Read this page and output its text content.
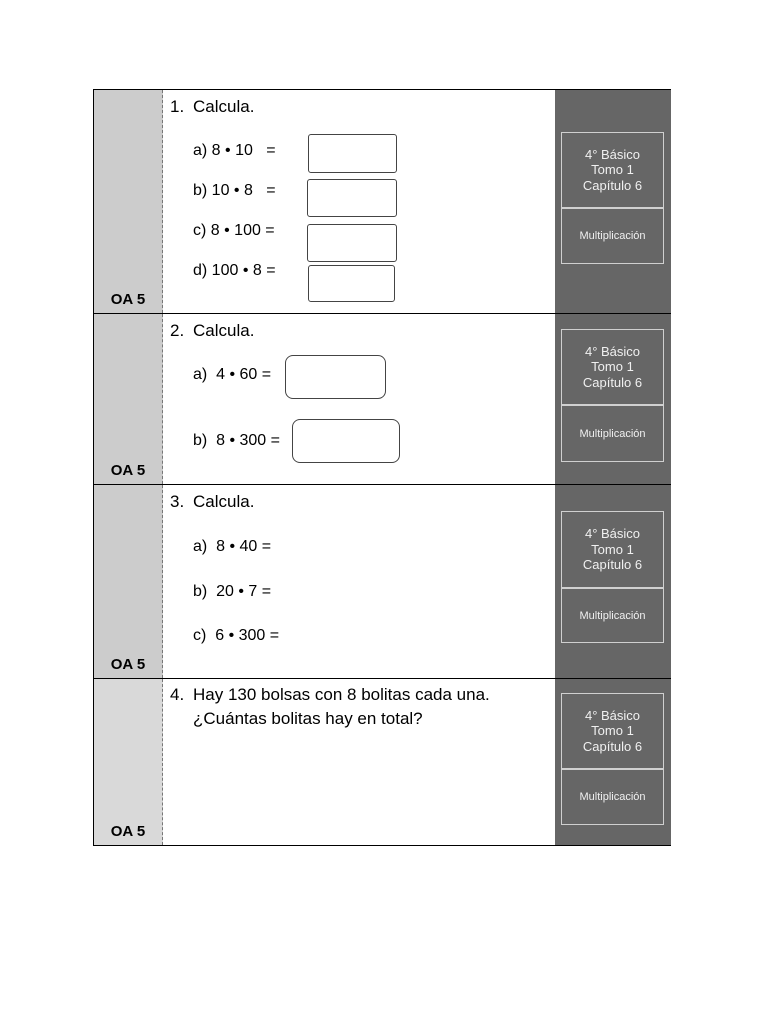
OA 5
1. Calcula.
a) 8 • 10   =
b) 10 • 8   =
c) 8 • 100 =
d) 100 • 8 =
4° Básico
Tomo 1
Capítulo 6
Multiplicación
OA 5
2. Calcula.
a)  4 • 60 =
b)  8 • 300 =
4° Básico
Tomo 1
Capítulo 6
Multiplicación
OA 5
3. Calcula.
a)  8 • 40 =
b)  20 • 7 =
c)  6 • 300 =
4° Básico
Tomo 1
Capítulo 6
Multiplicación
OA 5
4. Hay 130 bolsas con 8 bolitas cada una.
¿Cuántas bolitas hay en total?	4° Básico
Tomo 1
Capítulo 6
Multiplicación
